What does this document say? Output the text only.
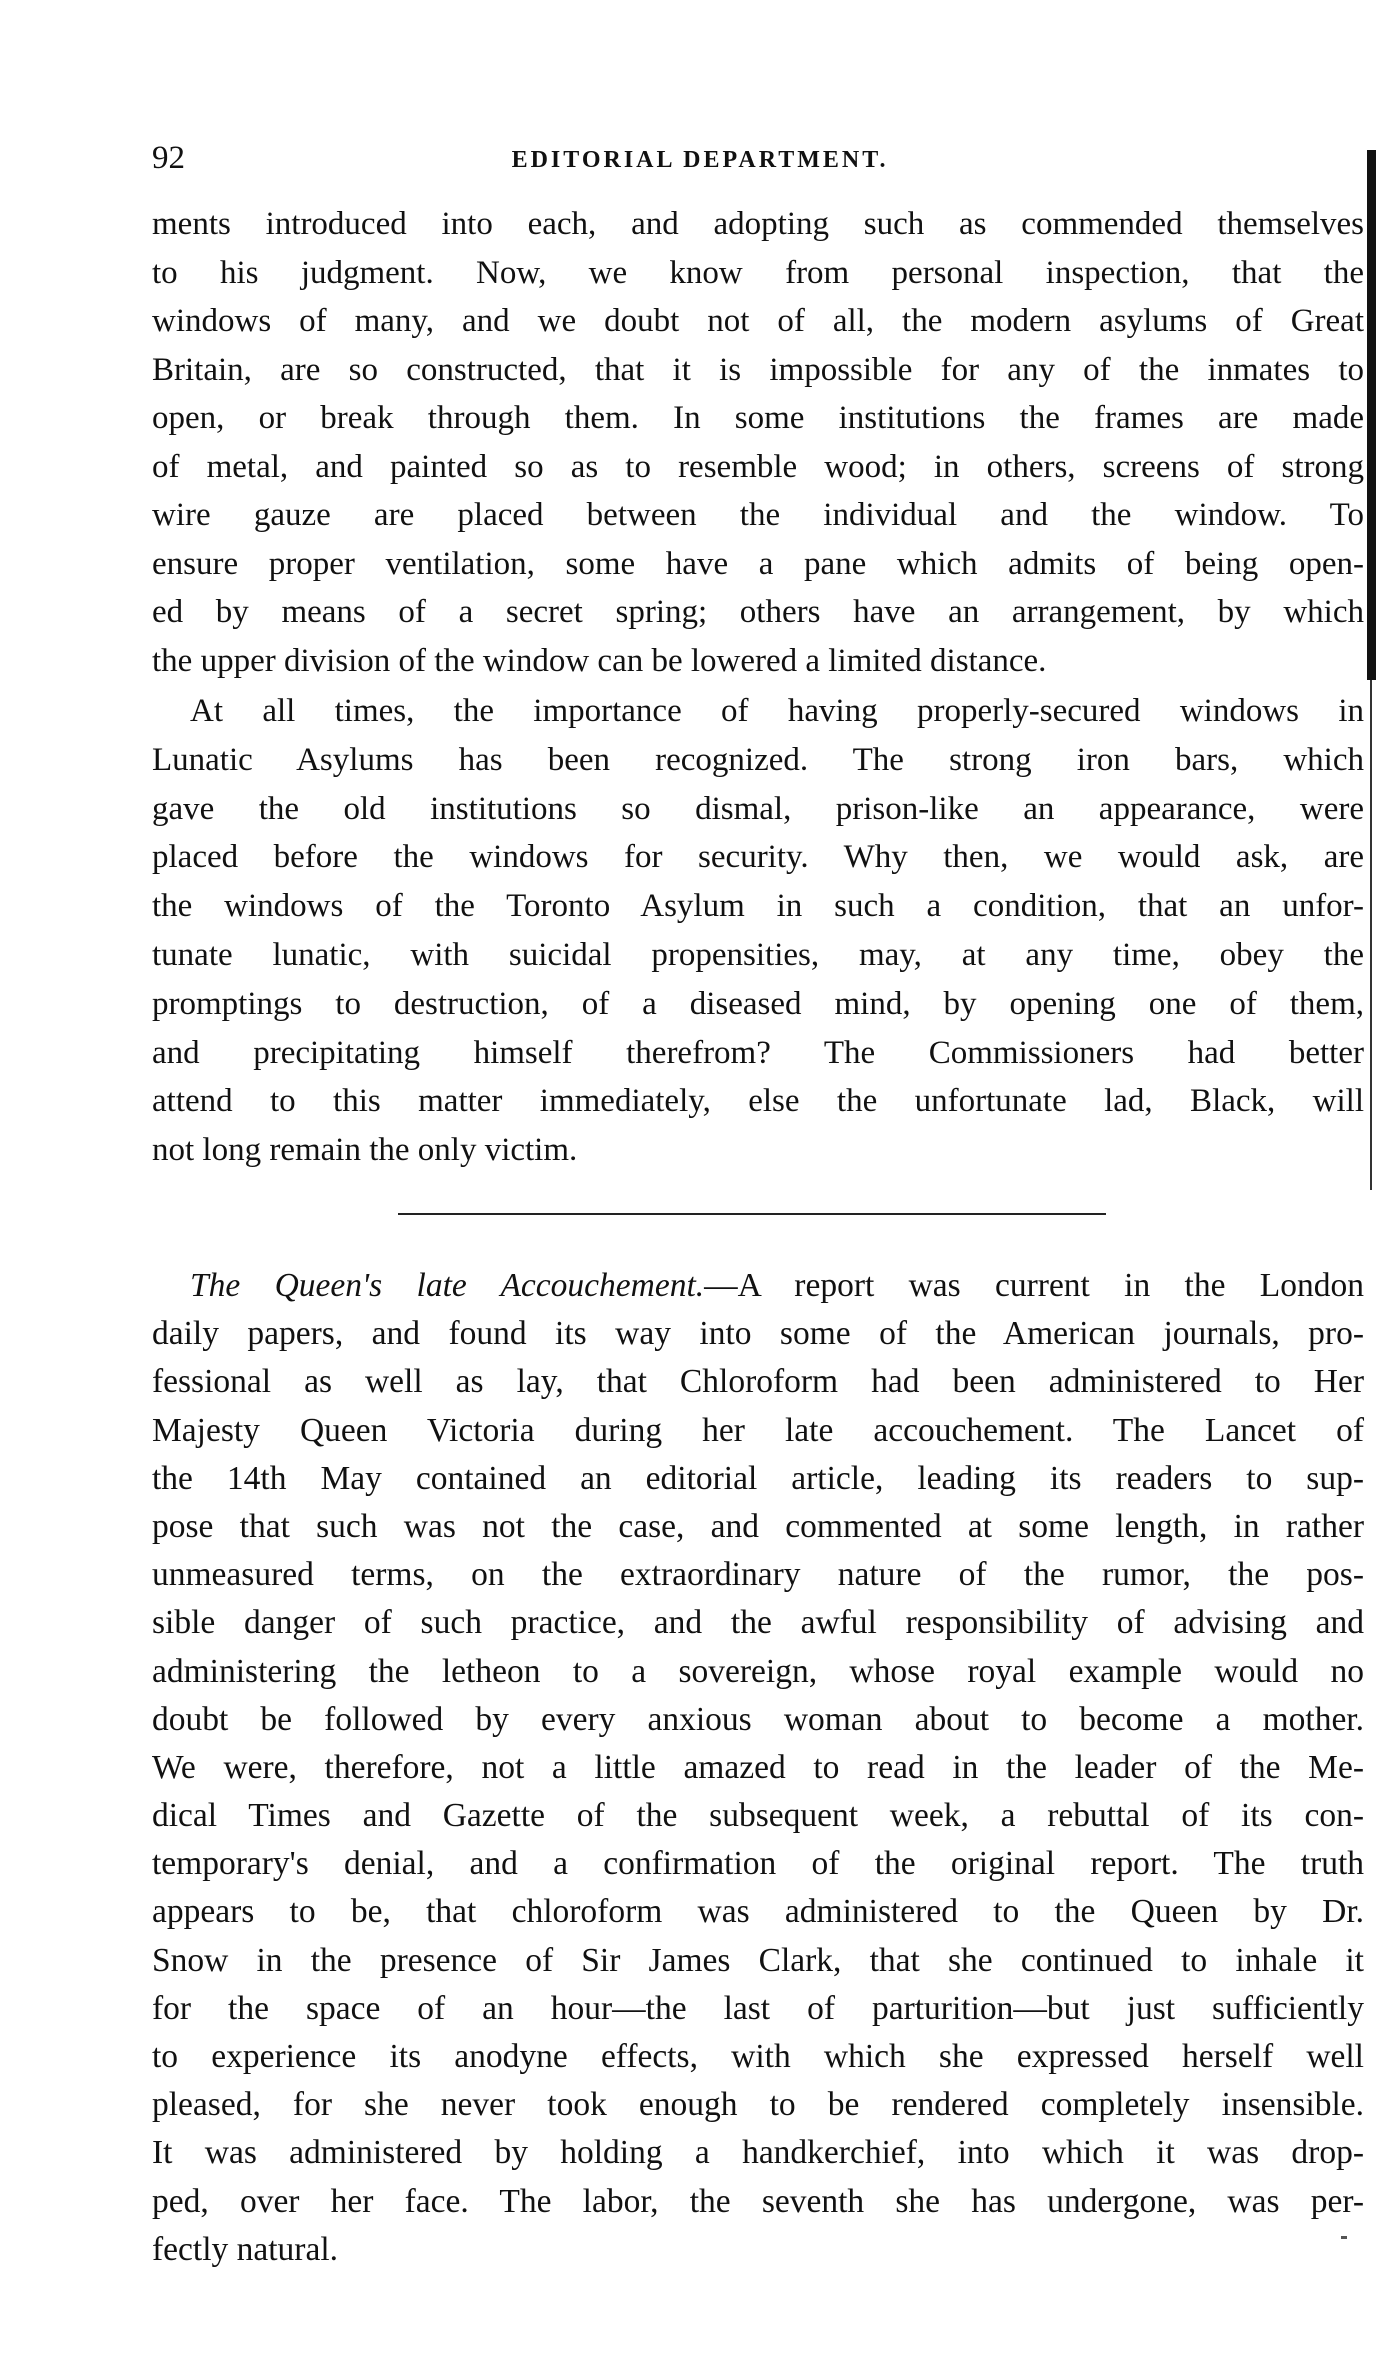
92	EDITORIAL DEPARTMENT.
ments introduced into each, and adopting such as commended themselves
to his judgment. Now, we know from personal inspection, that the
windows of many, and we doubt not of all, the modern asylums of Great
Britain, are so constructed, that it is impossible for any of the inmates to
open, or break through them. In some institutions the frames are made
of metal, and painted so as to resemble wood; in others, screens of strong
wire gauze are placed between the individual and the window. To
ensure proper ventilation, some have a pane which admits of being open-
ed by means of a secret spring; others have an arrangement, by which
the upper division of the window can be lowered a limited distance.
At all times, the importance of having properly-secured windows in
Lunatic Asylums has been recognized. The strong iron bars, which
gave the old institutions so dismal, prison-like an appearance, were
placed before the windows for security. Why then, we would ask, are
the windows of the Toronto Asylum in such a condition, that an unfor-
tunate lunatic, with suicidal propensities, may, at any time, obey the
promptings to destruction, of a diseased mind, by opening one of them,
and precipitating himself therefrom? The Commissioners had better
attend to this matter immediately, else the unfortunate lad, Black, will
not long remain the only victim.
The Queen's late Accouchement.—A report was current in the London
daily papers, and found its way into some of the American journals, pro-
fessional as well as lay, that Chloroform had been administered to Her
Majesty Queen Victoria during her late accouchement. The Lancet of
the 14th May contained an editorial article, leading its readers to sup-
pose that such was not the case, and commented at some length, in rather
unmeasured terms, on the extraordinary nature of the rumor, the pos-
sible danger of such practice, and the awful responsibility of advising and
administering the letheon to a sovereign, whose royal example would no
doubt be followed by every anxious woman about to become a mother.
We were, therefore, not a little amazed to read in the leader of the Me-
dical Times and Gazette of the subsequent week, a rebuttal of its con-
temporary's denial, and a confirmation of the original report. The truth
appears to be, that chloroform was administered to the Queen by Dr.
Snow in the presence of Sir James Clark, that she continued to inhale it
for the space of an hour—the last of parturition—but just sufficiently
to experience its anodyne effects, with which she expressed herself well
pleased, for she never took enough to be rendered completely insensible.
It was administered by holding a handkerchief, into which it was drop-
ped, over her face. The labor, the seventh she has undergone, was per-
fectly natural.
